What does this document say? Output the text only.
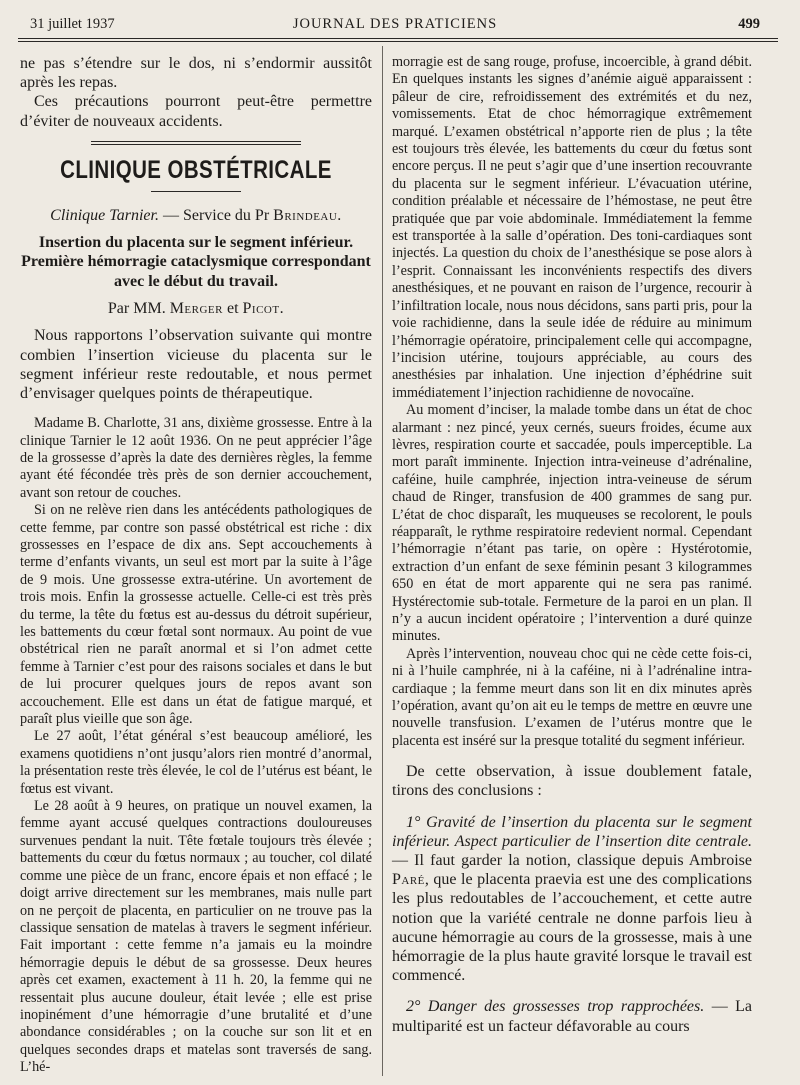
31 juillet 1937	JOURNAL DES PRATICIENS	499

ne pas s’étendre sur le dos, ni s’endormir aussitôt après les repas.

Ces précautions pourront peut-être permettre d’éviter de nouveaux accidents.

CLINIQUE OBSTÉTRICALE
Clinique Tarnier. — Service du Pr Brindeau.
Insertion du placenta sur le segment inférieur. Première hémorragie cataclysmique correspondant avec le début du travail.
Par MM. Merger et Picot.

Nous rapportons l’observation suivante qui montre combien l’insertion vicieuse du placenta sur le segment inférieur reste redoutable, et nous permet d’envisager quelques points de thérapeutique.

Madame B. Charlotte, 31 ans, dixième grossesse. Entre à la clinique Tarnier le 12 août 1936. On ne peut apprécier l’âge de la grossesse d’après la date des dernières règles, la femme ayant été fécondée très près de son dernier accouchement, avant son retour de couches.

Si on ne relève rien dans les antécédents pathologiques de cette femme, par contre son passé obstétrical est riche : dix grossesses en l’espace de dix ans. Sept accouchements à terme d’enfants vivants, un seul est mort par la suite à l’âge de 9 mois. Une grossesse extra-utérine. Un avortement de trois mois. Enfin la grossesse actuelle. Celle-ci est très près du terme, la tête du fœtus est au-dessus du détroit supérieur, les battements du cœur fœtal sont normaux. Au point de vue obstétrical rien ne paraît anormal et si l’on admet cette femme à Tarnier c’est pour des raisons sociales et dans le but de lui procurer quelques jours de repos avant son accouchement. Elle est dans un état de fatigue marqué, et paraît plus vieille que son âge.

Le 27 août, l’état général s’est beaucoup amélioré, les examens quotidiens n’ont jusqu’alors rien montré d’anormal, la présentation reste très élevée, le col de l’utérus est béant, le fœtus est vivant.

Le 28 août à 9 heures, on pratique un nouvel examen, la femme ayant accusé quelques contractions douloureuses survenues pendant la nuit. Tête fœtale toujours très élevée ; battements du cœur du fœtus normaux ; au toucher, col dilaté comme une pièce de un franc, encore épais et non effacé ; le doigt arrive directement sur les membranes, mais nulle part on ne perçoit de placenta, en particulier on ne trouve pas la classique sensation de matelas à travers le segment inférieur. Fait important : cette femme n’a jamais eu la moindre hémorragie depuis le début de sa grossesse. Deux heures après cet examen, exactement à 11 h. 20, la femme qui ne ressentait plus aucune douleur, était levée ; elle est prise inopinément d’une hémorragie d’une brutalité et d’une abondance considérables ; on la couche sur son lit et en quelques secondes draps et matelas sont traversés de sang. L’hé-

morragie est de sang rouge, profuse, incoercible, à grand débit. En quelques instants les signes d’anémie aiguë apparaissent : pâleur de cire, refroidissement des extrémités et du nez, vomissements. Etat de choc hémorragique extrêmement marqué. L’examen obstétrical n’apporte rien de plus ; la tête est toujours très élevée, les battements du cœur du fœtus sont encore perçus. Il ne peut s’agir que d’une insertion recouvrante du placenta sur le segment inférieur. L’évacuation utérine, condition préalable et nécessaire de l’hémostase, ne peut être pratiquée que par voie abdominale. Immédiatement la femme est transportée à la salle d’opération. Des toni-cardiaques sont injectés. La question du choix de l’anesthésique se pose alors à l’esprit. Connaissant les inconvénients respectifs des divers anesthésiques, et ne pouvant en raison de l’urgence, recourir à l’infiltration locale, nous nous décidons, sans parti pris, pour la voie rachidienne, dans la seule idée de réduire au minimum l’hémorragie opératoire, principalement celle qui accompagne, l’incision utérine, toujours appréciable, au cours des anesthésies par inhalation. Une injection d’éphédrine suit immédiatement l’injection rachidienne de novocaïne.

Au moment d’inciser, la malade tombe dans un état de choc alarmant : nez pincé, yeux cernés, sueurs froides, écume aux lèvres, respiration courte et saccadée, pouls imperceptible. La mort paraît imminente. Injection intra-veineuse d’adrénaline, caféine, huile camphrée, injection intra-veineuse de sérum chaud de Ringer, transfusion de 400 grammes de sang pur. L’état de choc disparaît, les muqueuses se recolorent, le pouls réapparaît, le rythme respiratoire redevient normal. Cependant l’hémorragie n’étant pas tarie, on opère : Hystérotomie, extraction d’un enfant de sexe féminin pesant 3 kilogrammes 650 en état de mort apparente qui ne sera pas ranimé. Hystérectomie sub-totale. Fermeture de la paroi en un plan. Il n’y a aucun incident opératoire ; l’intervention a duré quinze minutes.

Après l’intervention, nouveau choc qui ne cède cette fois-ci, ni à l’huile camphrée, ni à la caféine, ni à l’adrénaline intra-cardiaque ; la femme meurt dans son lit en dix minutes après l’opération, avant qu’on ait eu le temps de mettre en œuvre une nouvelle transfusion. L’examen de l’utérus montre que le placenta est inséré sur la presque totalité du segment inférieur.

De cette observation, à issue doublement fatale, tirons des conclusions :

1° Gravité de l’insertion du placenta sur le segment inférieur. Aspect particulier de l’insertion dite centrale. — Il faut garder la notion, classique depuis Ambroise Paré, que le placenta praevia est une des complications les plus redoutables de l’accouchement, et cette autre notion que la variété centrale ne donne parfois lieu à aucune hémorragie au cours de la grossesse, mais à une hémorragie de la plus haute gravité lorsque le travail est commencé.

2° Danger des grossesses trop rapprochées. — La multiparité est un facteur défavorable au cours
